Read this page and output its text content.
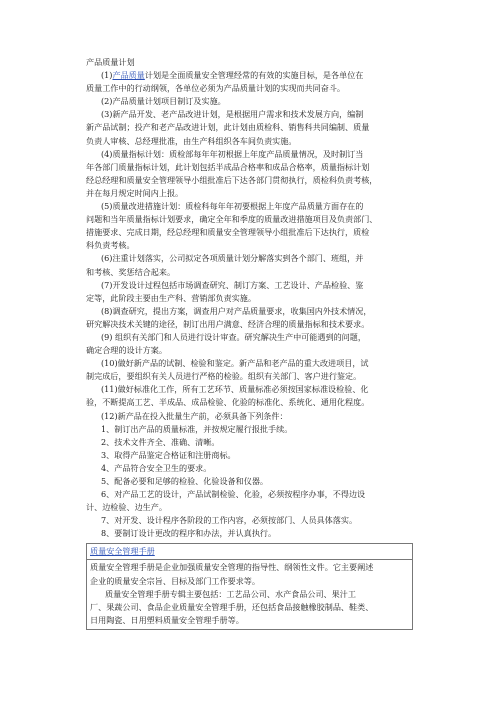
产品质量计划
(1)产品质量计划是全面质量安全管理经常的有效的实施目标，是各单位在
质量工作中的行动纲领，各单位必须为产品质量计划的实现而共同奋斗。
(2)产品质量计划项目制订及实施。
(3)新产品开发、老产品改进计划，是根据用户需求和技术发展方向，编制
新产品试制；投产和老产品改进计划，此计划由质检科、销售科共同编制、质量
负责人审核、总经理批准，由生产科组织各车间负责实施。
(4)质量指标计划：质检部每年年初根据上年度产品质量情况，及时制订当
年各部门质量指标计划，此计划包括半成品合格率和成品合格率，质量指标计划
经总经理和质量安全管理领导小组批准后下达各部门贯彻执行，质检科负责考核，
并在每月规定时间内上报。
(5)质量改进措施计划：质检科每年年初要根据上年度产品质量方面存在的
问题和当年质量指标计划要求，确定全年和季度的质量改进措施项目及负责部门、
措施要求、完成日期，经总经理和质量安全管理领导小组批准后下达执行，质检
科负责考核。
(6)注重计划落实，公司拟定各项质量计划分解落实到各个部门、班组，并
和考核、奖惩结合起来。
(7)开发设计过程包括市场调查研究、制订方案、工艺设计、产品检验、鉴
定等，此阶段主要由生产科、营销部负责实施。
(8)调查研究，提出方案，调查用户对产品质量要求，收集国内外技术情况，
研究解决技术关键的途径，制订出用户满意、经济合理的质量指标和技术要求。
(9) 组织有关部门和人员进行设计审查。研究解决生产中可能遇到的问题，
确定合理的设计方案。
(10)做好新产品的试制、检验和鉴定。新产品和老产品的重大改进项目，试
制完成后，要组织有关人员进行严格的检验。组织有关部门、客户进行鉴定。
(11)做好标准化工作，所有工艺环节、质量标准必须按国家标准设检验、化
验，不断提高工艺、半成品、成品检验、化验的标准化、系统化、通用化程度。
(12)新产品在投入批量生产前，必须具备下列条件：
1、制订出产品的质量标准，并按规定履行报批手续。
2、技术文件齐全、准确、清晰。
3、取得产品鉴定合格证和注册商标。
4、产品符合安全卫生的要求。
5、配备必要和足够的检验、化验设备和仪器。
6、对产品工艺的设计，产品试制检验、化验，必须按程序办事，不得边设
计、边检验、边生产。
7、对开发、设计程序各阶段的工作内容，必须按部门、人员具体落实。
8、要制订设计更改的程序和办法，并认真执行。
质量安全管理手册
质量安全管理手册是企业加强质量安全管理的指导性、纲领性文件。它主要阐述
企业的质量安全宗旨、目标及部门工作要求等。
质量安全管理手册专辑主要包括：工艺品公司、水产食品公司、果汁工
厂、果蔬公司、食品企业质量安全管理手册，还包括食品接触橡胶制品、鞋类、
日用陶瓷、日用塑料质量安全管理手册等。
